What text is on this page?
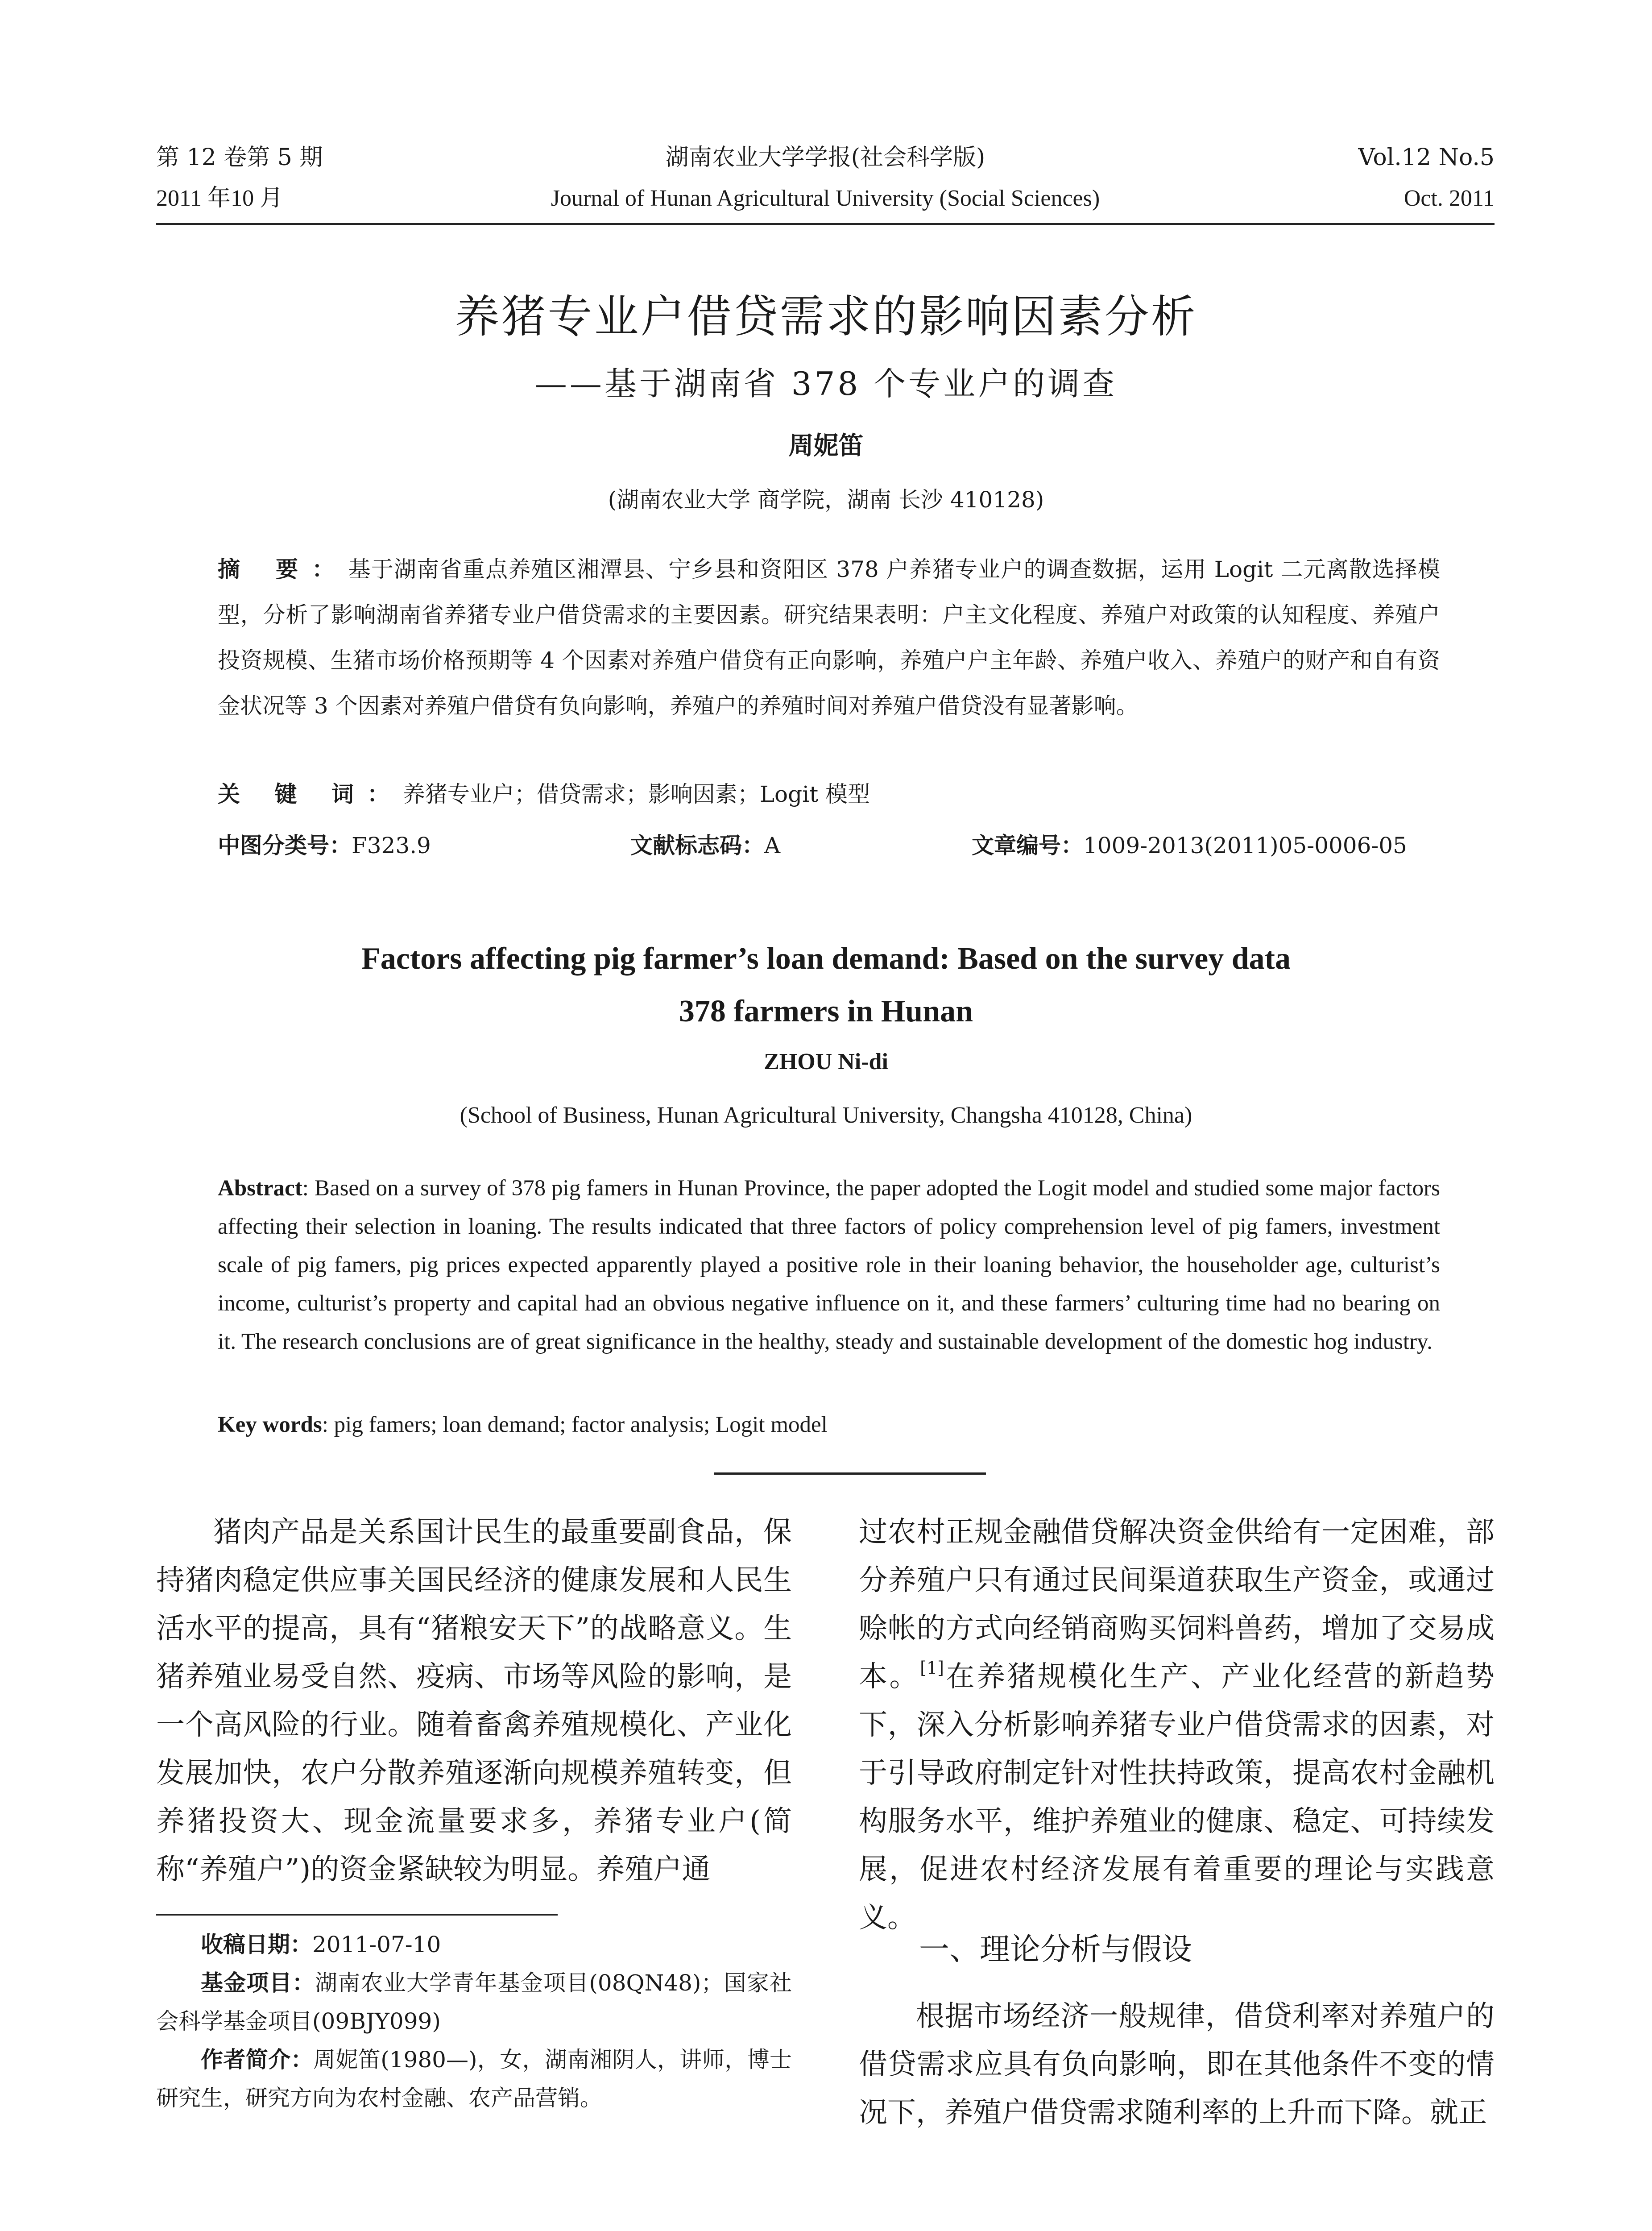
第 12 卷第 5 期	湖南农业大学学报(社会科学版)	Vol.12 No.5
2011 年10 月	Journal of Hunan Agricultural University (Social Sciences)	Oct. 2011
养猪专业户借贷需求的影响因素分析
——基于湖南省 378 个专业户的调查
周妮笛
(湖南农业大学 商学院，湖南 长沙 410128)
摘 要：基于湖南省重点养殖区湘潭县、宁乡县和资阳区 378 户养猪专业户的调查数据，运用 Logit 二元离散选择模型，分析了影响湖南省养猪专业户借贷需求的主要因素。研究结果表明：户主文化程度、养殖户对政策的认知程度、养殖户投资规模、生猪市场价格预期等 4 个因素对养殖户借贷有正向影响，养殖户户主年龄、养殖户收入、养殖户的财产和自有资金状况等 3 个因素对养殖户借贷有负向影响，养殖户的养殖时间对养殖户借贷没有显著影响。
关 键 词：养猪专业户；借贷需求；影响因素；Logit 模型
中图分类号：F323.9	文献标志码：A	文章编号：1009-2013(2011)05-0006-05
Factors affecting pig farmer’s loan demand: Based on the survey data
378 farmers in Hunan
ZHOU Ni-di
(School of Business, Hunan Agricultural University, Changsha 410128, China)
Abstract: Based on a survey of 378 pig famers in Hunan Province, the paper adopted the Logit model and studied some major factors affecting their selection in loaning. The results indicated that three factors of policy comprehension level of pig famers, investment scale of pig famers, pig prices expected apparently played a positive role in their loaning behavior, the householder age, culturist’s income, culturist’s property and capital had an obvious negative influence on it, and these farmers’ culturing time had no bearing on it. The research conclusions are of great significance in the healthy, steady and sustainable development of the domestic hog industry.
Key words: pig famers; loan demand; factor analysis; Logit model

猪肉产品是关系国计民生的最重要副食品，保持猪肉稳定供应事关国民经济的健康发展和人民生活水平的提高，具有“猪粮安天下”的战略意义。生猪养殖业易受自然、疫病、市场等风险的影响，是一个高风险的行业。随着畜禽养殖规模化、产业化发展加快，农户分散养殖逐渐向规模养殖转变，但养猪投资大、现金流量要求多，养猪专业户(简称“养殖户”)的资金紧缺较为明显。养殖户通

过农村正规金融借贷解决资金供给有一定困难，部分养殖户只有通过民间渠道获取生产资金，或通过赊帐的方式向经销商购买饲料兽药，增加了交易成本。[1]在养猪规模化生产、产业化经营的新趋势下，深入分析影响养猪专业户借贷需求的因素，对于引导政府制定针对性扶持政策，提高农村金融机构服务水平，维护养殖业的健康、稳定、可持续发展，促进农村经济发展有着重要的理论与实践意义。

收稿日期：2011-07-10

基金项目：湖南农业大学青年基金项目(08QN48)；国家社会科学基金项目(09BJY099)

作者简介：周妮笛(1980—)，女，湖南湘阴人，讲师，博士研究生，研究方向为农村金融、农产品营销。

一、理论分析与假设

根据市场经济一般规律，借贷利率对养殖户的借贷需求应具有负向影响，即在其他条件不变的情况下，养殖户借贷需求随利率的上升而下降。就正
